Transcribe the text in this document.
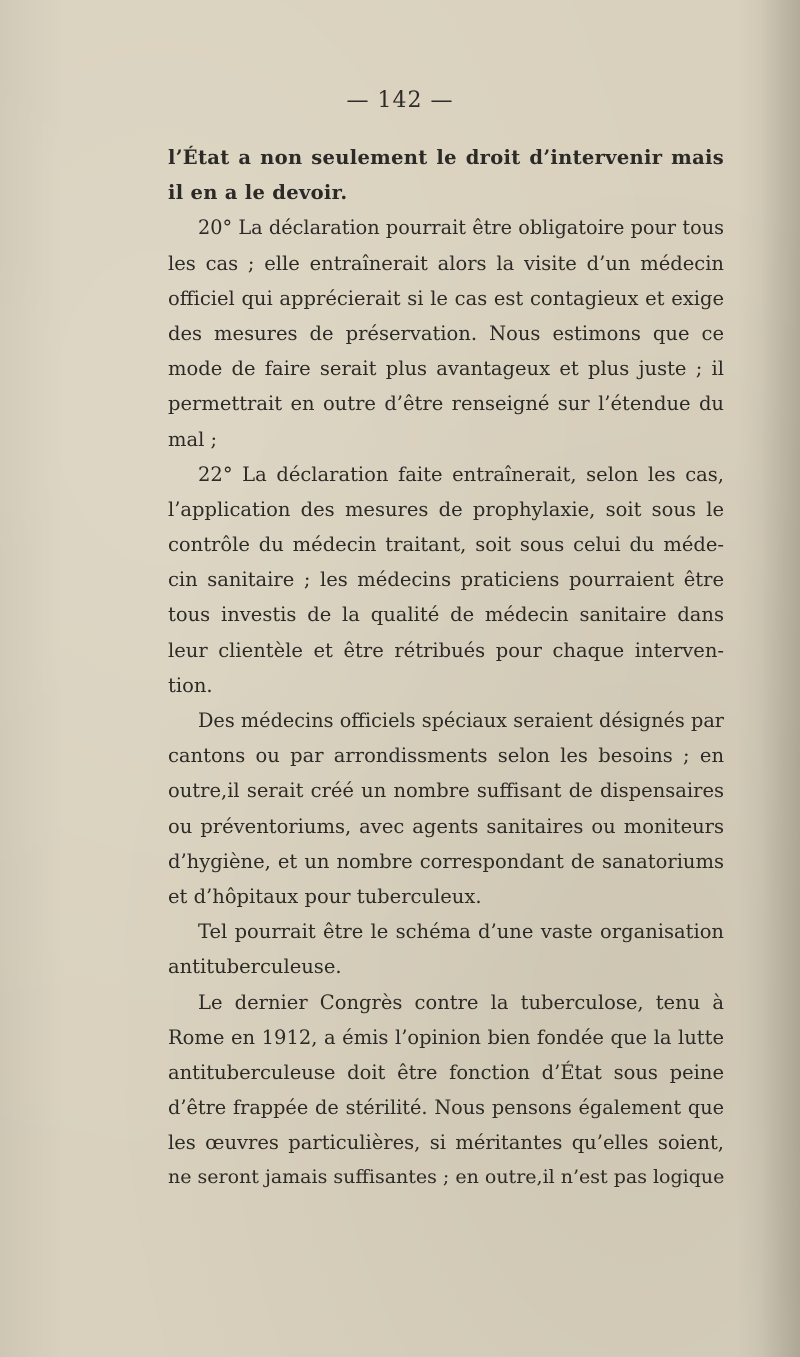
— 142 —
l’État a non seulement le droit d’intervenir mais
il en a le devoir.
20° La déclaration pourrait être obligatoire pour tous
les cas ; elle entraînerait alors la visite d’un médecin
officiel qui apprécierait si le cas est contagieux et exige
des mesures de préservation. Nous estimons que ce
mode de faire serait plus avantageux et plus juste ; il
permettrait en outre d’être renseigné sur l’étendue du
mal ;
22° La déclaration faite entraînerait, selon les cas,
l’application des mesures de prophylaxie, soit sous le
contrôle du médecin traitant, soit sous celui du méde-
cin sanitaire ; les médecins praticiens pourraient être
tous investis de la qualité de médecin sanitaire dans
leur clientèle et être rétribués pour chaque interven-
tion.
Des médecins officiels spéciaux seraient désignés par
cantons ou par arrondissments selon les besoins ; en
outre,il serait créé un nombre suffisant de dispensaires
ou préventoriums, avec agents sanitaires ou moniteurs
d’hygiène, et un nombre correspondant de sanatoriums
et d’hôpitaux pour tuberculeux.
Tel pourrait être le schéma d’une vaste organisation
antituberculeuse.
Le dernier Congrès contre la tuberculose, tenu à
Rome en 1912, a émis l’opinion bien fondée que la lutte
antituberculeuse doit être fonction d’État sous peine
d’être frappée de stérilité. Nous pensons également que
les œuvres particulières, si méritantes qu’elles soient,
ne seront jamais suffisantes ; en outre,il n’est pas logique
